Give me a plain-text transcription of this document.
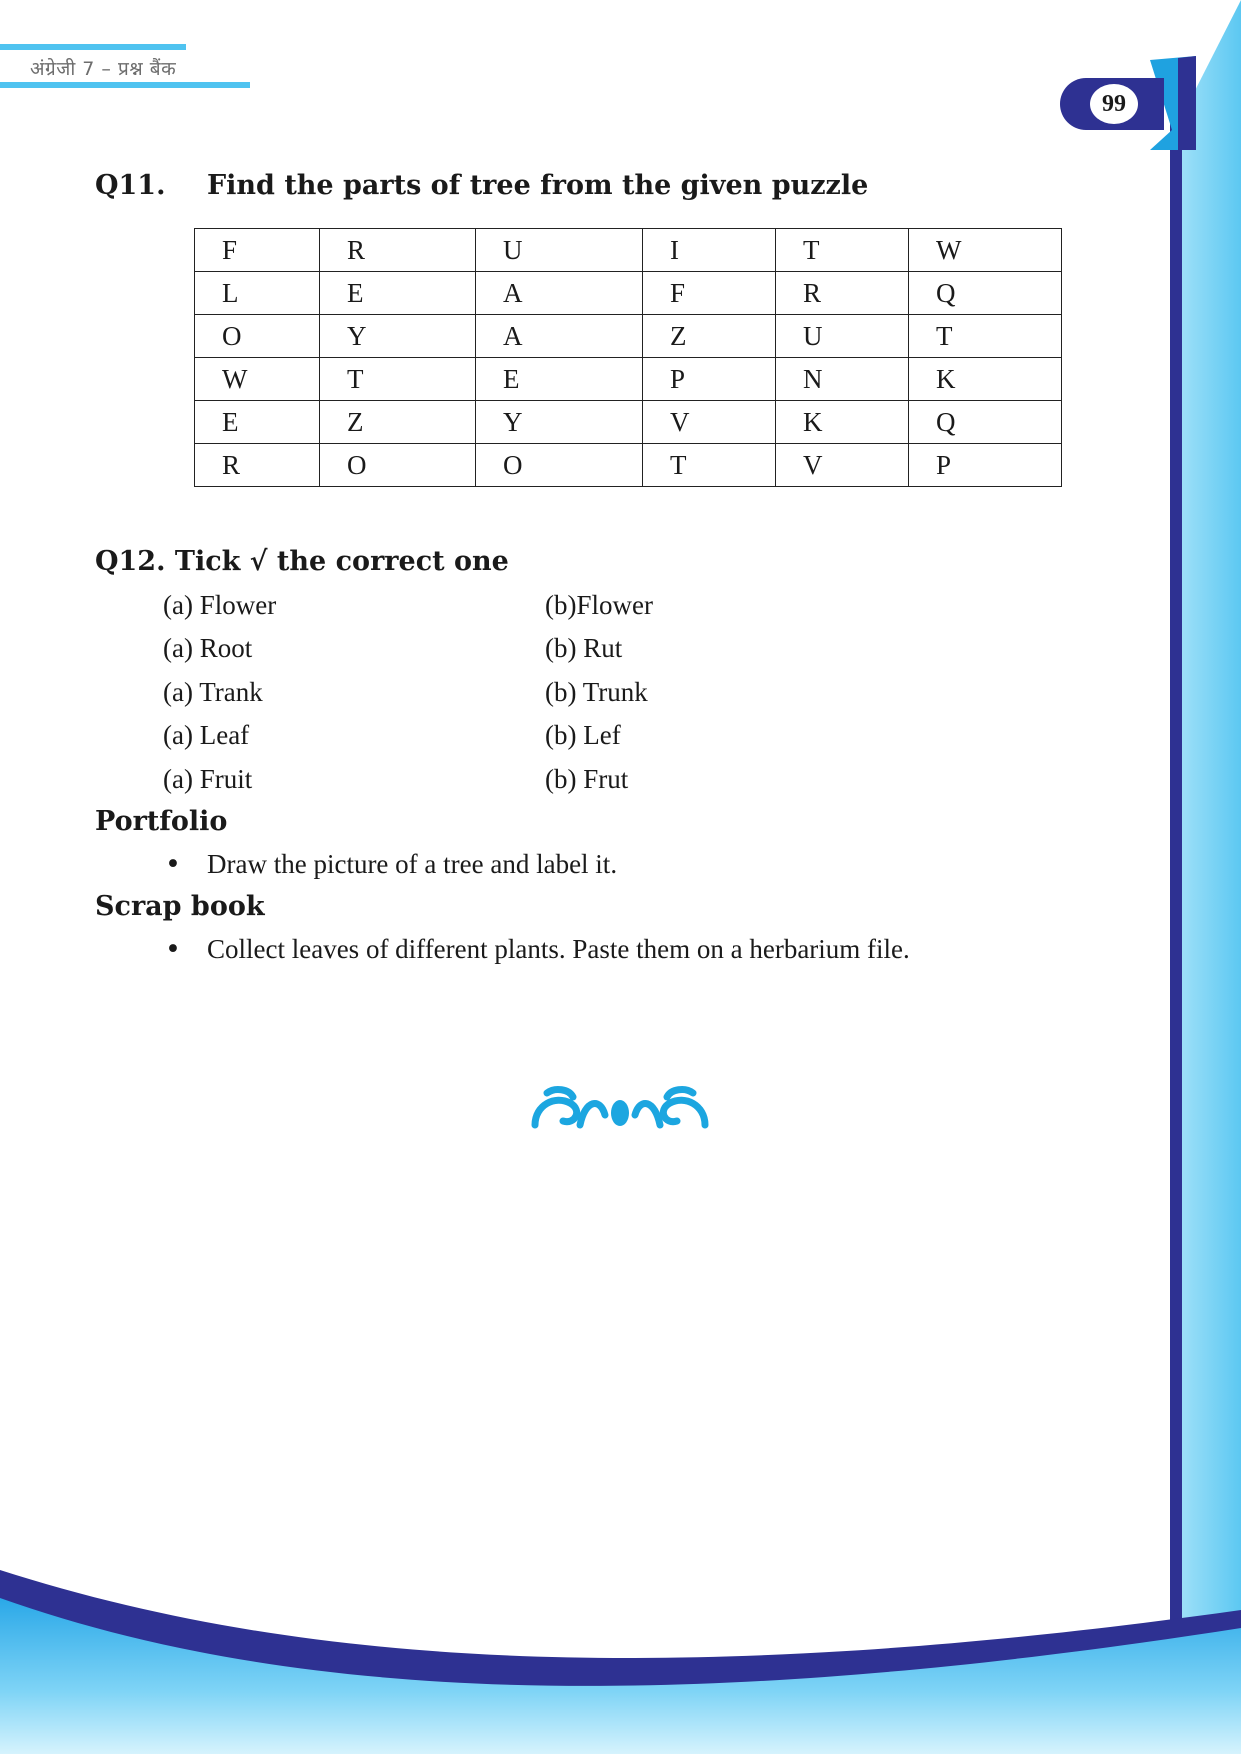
अंग्रेजी 7 – प्रश्न बैंक
99
Q11. Find the parts of tree from the given puzzle
F	R	U	I	T	W
L	E	A	F	R	Q
O	Y	A	Z	U	T
W	T	E	P	N	K
E	Z	Y	V	K	Q
R	O	O	T	V	P
Q12. Tick √ the correct one
(a) Flower	(b)Flower
(a) Root	(b) Rut
(a) Trank	(b) Trunk
(a) Leaf	(b) Lef
(a) Fruit	(b) Frut
Portfolio
• Draw the picture of a tree and label it.
Scrap book
• Collect leaves of different plants. Paste them on a herbarium file.
